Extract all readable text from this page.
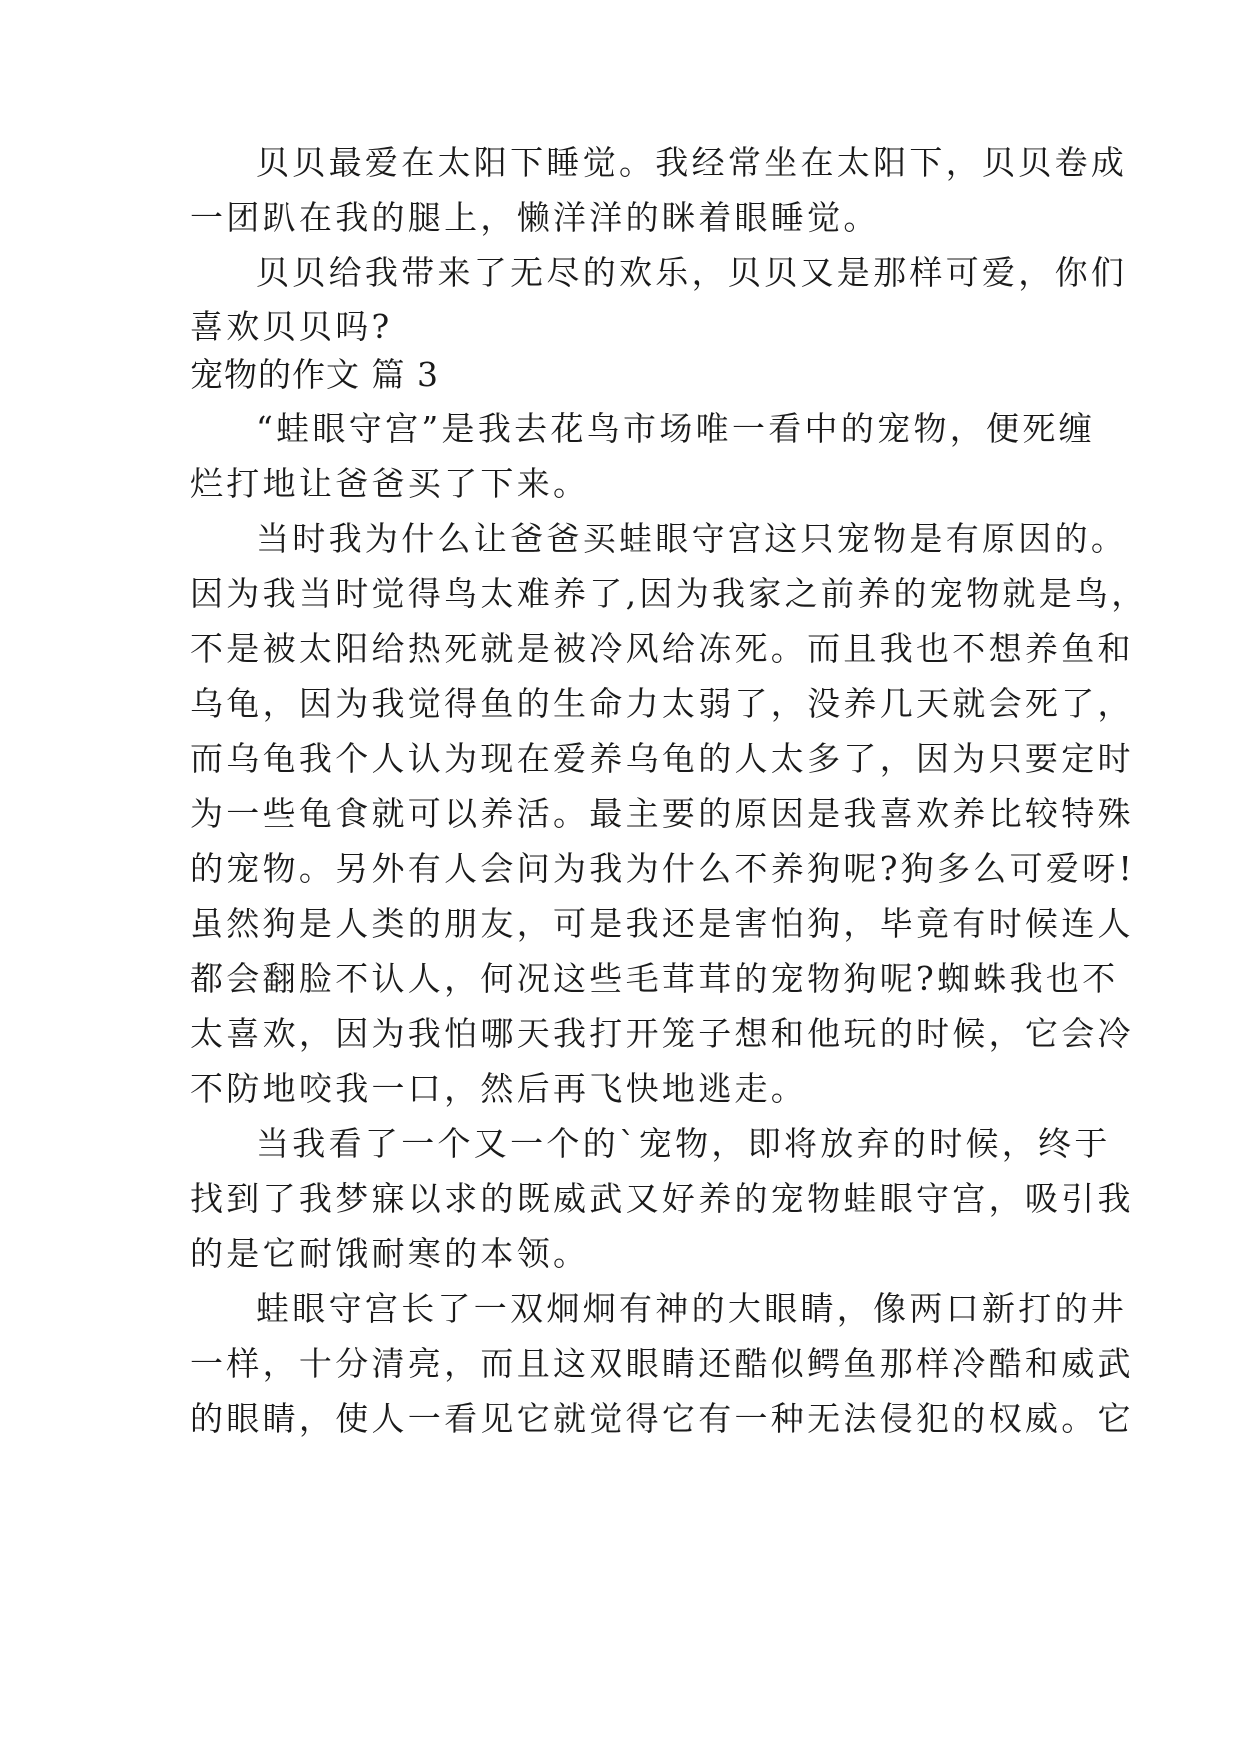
贝贝最爱在太阳下睡觉。我经常坐在太阳下，贝贝卷成
一团趴在我的腿上，懒洋洋的眯着眼睡觉。
贝贝给我带来了无尽的欢乐，贝贝又是那样可爱，你们
喜欢贝贝吗?
宠物的作文 篇 3
“蛙眼守宫”是我去花鸟市场唯一看中的宠物，便死缠
烂打地让爸爸买了下来。
当时我为什么让爸爸买蛙眼守宫这只宠物是有原因的。
因为我当时觉得鸟太难养了,因为我家之前养的宠物就是鸟，
不是被太阳给热死就是被冷风给冻死。而且我也不想养鱼和
乌龟，因为我觉得鱼的生命力太弱了，没养几天就会死了，
而乌龟我个人认为现在爱养乌龟的人太多了，因为只要定时
为一些龟食就可以养活。最主要的原因是我喜欢养比较特殊
的宠物。另外有人会问为我为什么不养狗呢?狗多么可爱呀!
虽然狗是人类的朋友，可是我还是害怕狗，毕竟有时候连人
都会翻脸不认人，何况这些毛茸茸的宠物狗呢?蜘蛛我也不
太喜欢，因为我怕哪天我打开笼子想和他玩的时候，它会冷
不防地咬我一口，然后再飞快地逃走。
当我看了一个又一个的`宠物，即将放弃的时候，终于
找到了我梦寐以求的既威武又好养的宠物蛙眼守宫，吸引我
的是它耐饿耐寒的本领。
蛙眼守宫长了一双炯炯有神的大眼睛，像两口新打的井
一样，十分清亮，而且这双眼睛还酷似鳄鱼那样冷酷和威武
的眼睛，使人一看见它就觉得它有一种无法侵犯的权威。它
